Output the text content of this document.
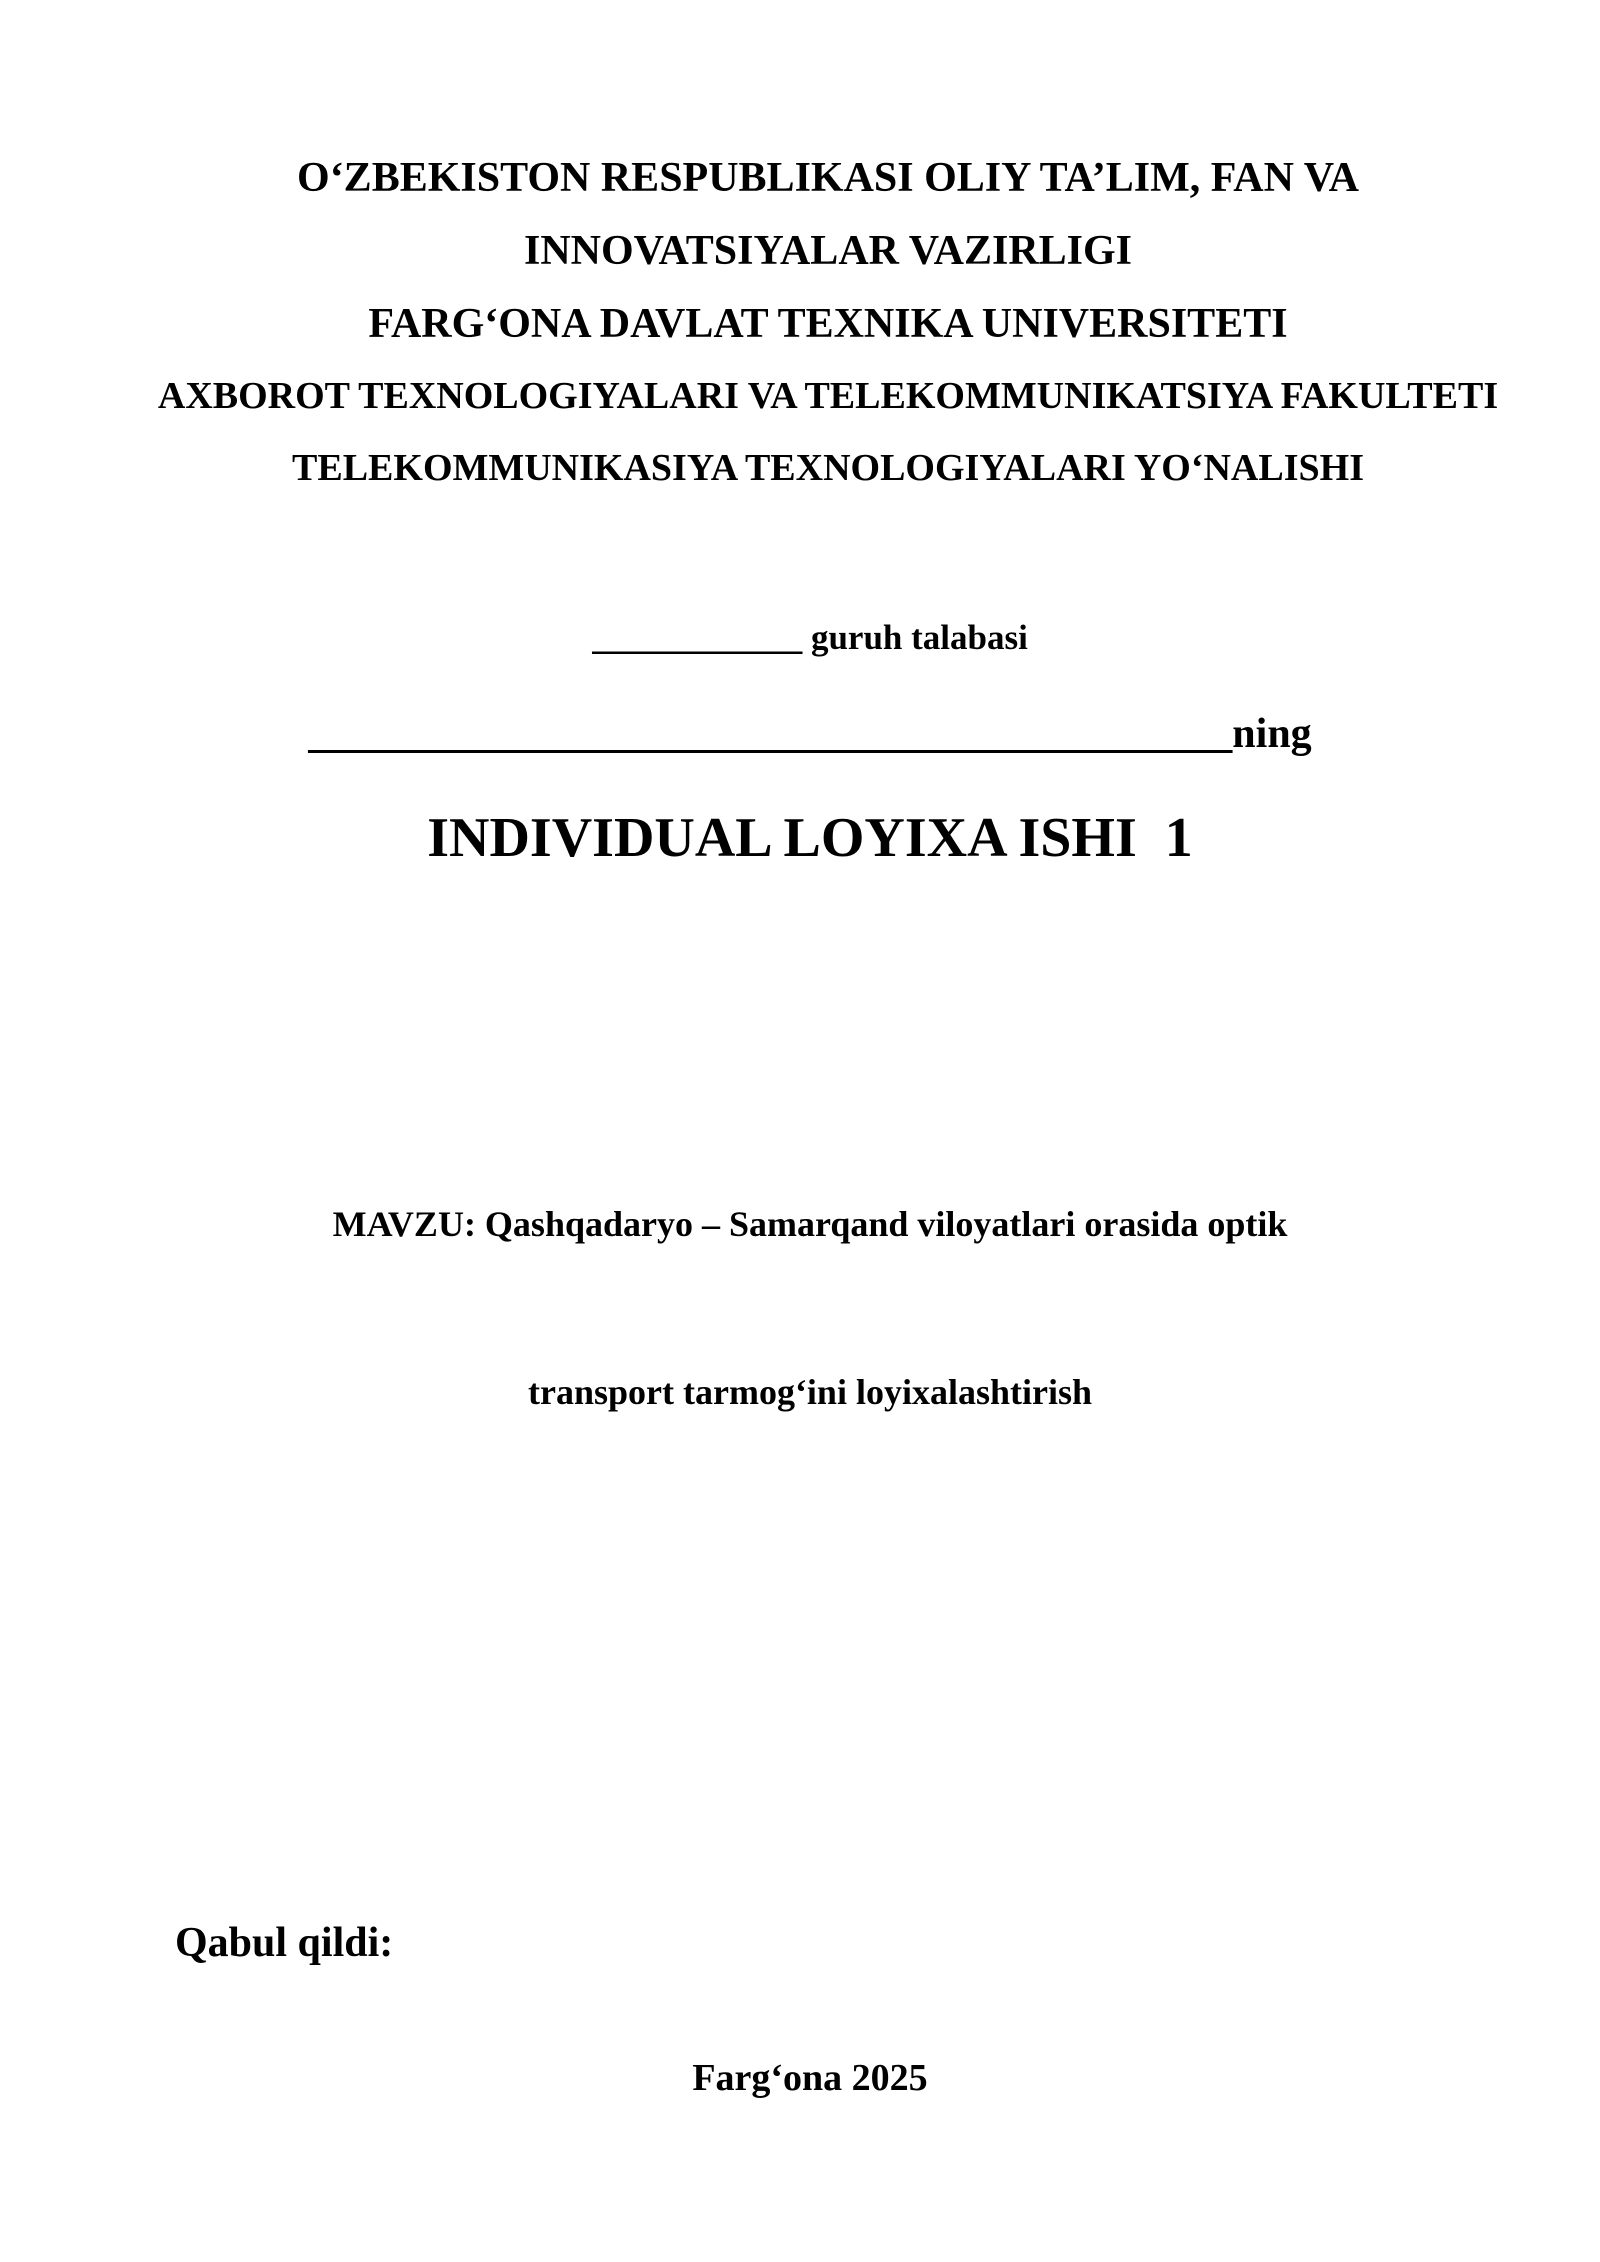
O‘ZBEKISTON RESPUBLIKASI OLIY TA’LIM, FAN VA
INNOVATSIYALAR VAZIRLIGI
FARG‘ONA DAVLAT TEXNIKA UNIVERSITETI
AXBOROT TEXNOLOGIYALARI VA TELEKOMMUNIKATSIYA FAKULTETI
TELEKOMMUNIKASIYA TEXNOLOGIYALARI YO‘NALISHI
____________ guruh talabasi
____________________________________________ning
INDIVIDUAL LOYIXA ISHI  1

MAVZU: Qashqadaryo – Samarqand viloyatlari orasida optik

transport tarmog‘ini loyixalashtirish

Qabul qildi:
Farg‘ona 2025
